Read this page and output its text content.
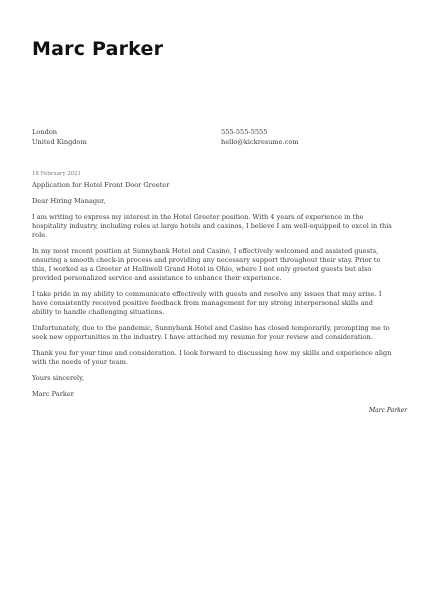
Marc Parker
London
United Kingdom
555-555-5555
hello@kickresume.com
18 February 2021
Application for Hotel Front Door Greeter

Dear Hiring Manager,

I am writing to express my interest in the Hotel Greeter position. With 4 years of experience in the hospitality industry, including roles at large hotels and casinos, I believe I am well-equipped to excel in this role.

In my most recent position at Sunnybank Hotel and Casino, I effectively welcomed and assisted guests, ensuring a smooth check-in process and providing any necessary support throughout their stay. Prior to this, I worked as a Greeter at Halliwell Grand Hotel in Ohio, where I not only greeted guests but also provided personalized service and assistance to enhance their experience.

I take pride in my ability to communicate effectively with guests and resolve any issues that may arise. I have consistently received positive feedback from management for my strong interpersonal skills and ability to handle challenging situations.

Unfortunately, due to the pandemic, Sunnybank Hotel and Casino has closed temporarily, prompting me to seek new opportunities in the industry. I have attached my resume for your review and consideration.

Thank you for your time and consideration. I look forward to discussing how my skills and experience align with the needs of your team.

Yours sincerely,

Marc Parker

Marc Parker
